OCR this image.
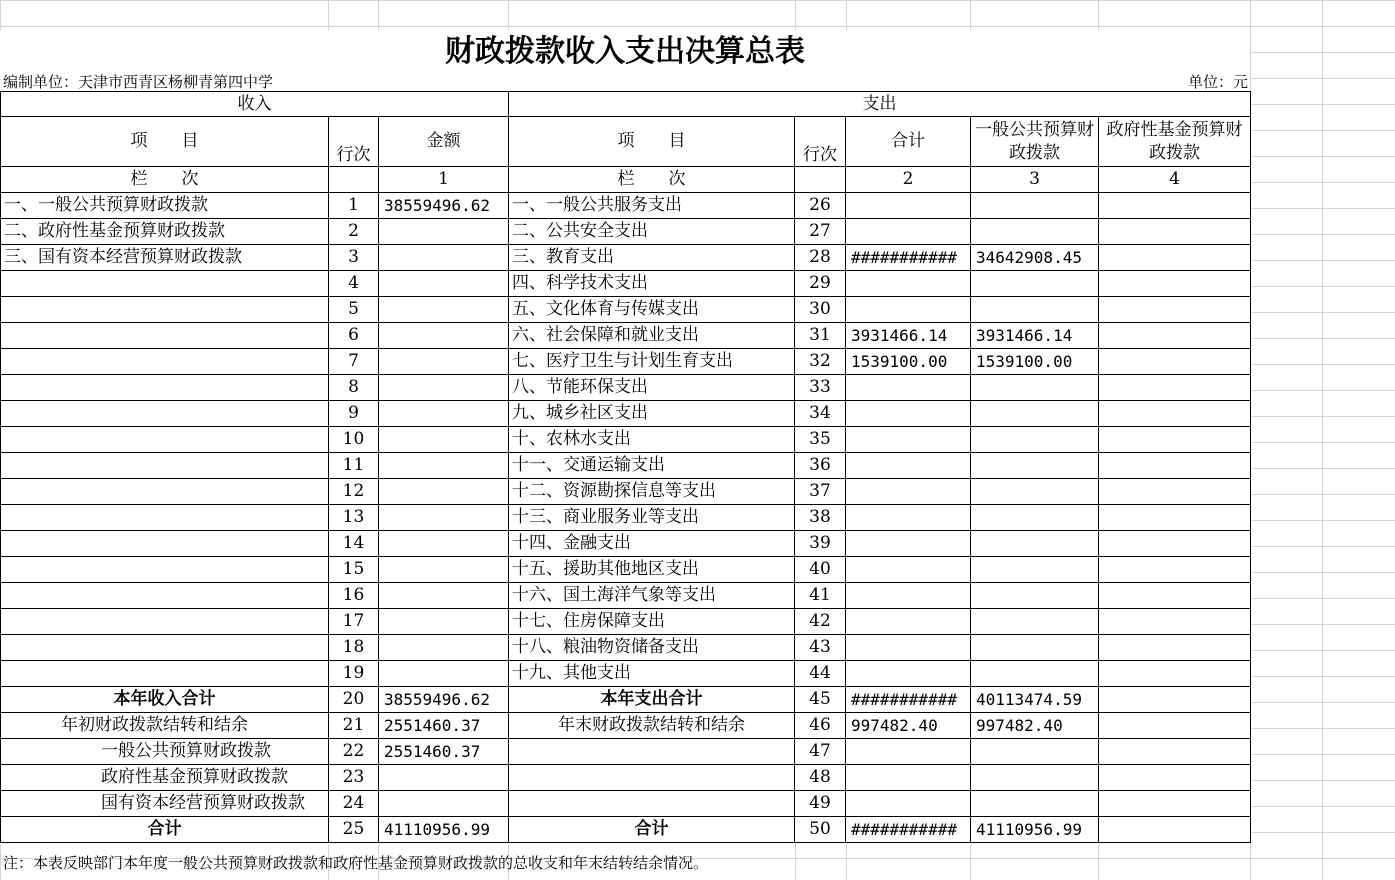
财政拨款收入支出决算总表
编制单位：天津市西青区杨柳青第四中学	单位：元
收入			支出				
项　　目	行次	金额	项　　目	行次	合计	一般公共预算财政拨款	政府性基金预算财政拨款
栏　　次		1	栏　　次		2	3	4
一、一般公共预算财政拨款	1	38559496.62	一、一般公共服务支出	26			
二、政府性基金预算财政拨款	2		二、公共安全支出	27			
三、国有资本经营预算财政拨款	3		三、教育支出	28	###########	34642908.45	
	4		四、科学技术支出	29			
	5		五、文化体育与传媒支出	30			
	6		六、社会保障和就业支出	31	3931466.14	3931466.14	
	7		七、医疗卫生与计划生育支出	32	1539100.00	1539100.00	
	8		八、节能环保支出	33			
	9		九、城乡社区支出	34			
	10		十、农林水支出	35			
	11		十一、交通运输支出	36			
	12		十二、资源勘探信息等支出	37			
	13		十三、商业服务业等支出	38			
	14		十四、金融支出	39			
	15		十五、援助其他地区支出	40			
	16		十六、国土海洋气象等支出	41			
	17		十七、住房保障支出	42			
	18		十八、粮油物资储备支出	43			
	19		十九、其他支出	44			
本年收入合计	20	38559496.62	本年支出合计	45	###########	40113474.59	
年初财政拨款结转和结余	21	2551460.37	年末财政拨款结转和结余	46	997482.40	997482.40	
一般公共预算财政拨款	22	2551460.37		47			
政府性基金预算财政拨款	23			48			
国有资本经营预算财政拨款	24			49			
合计	25	41110956.99	合计	50	###########	41110956.99	
注：本表反映部门本年度一般公共预算财政拨款和政府性基金预算财政拨款的总收支和年末结转结余情况。
